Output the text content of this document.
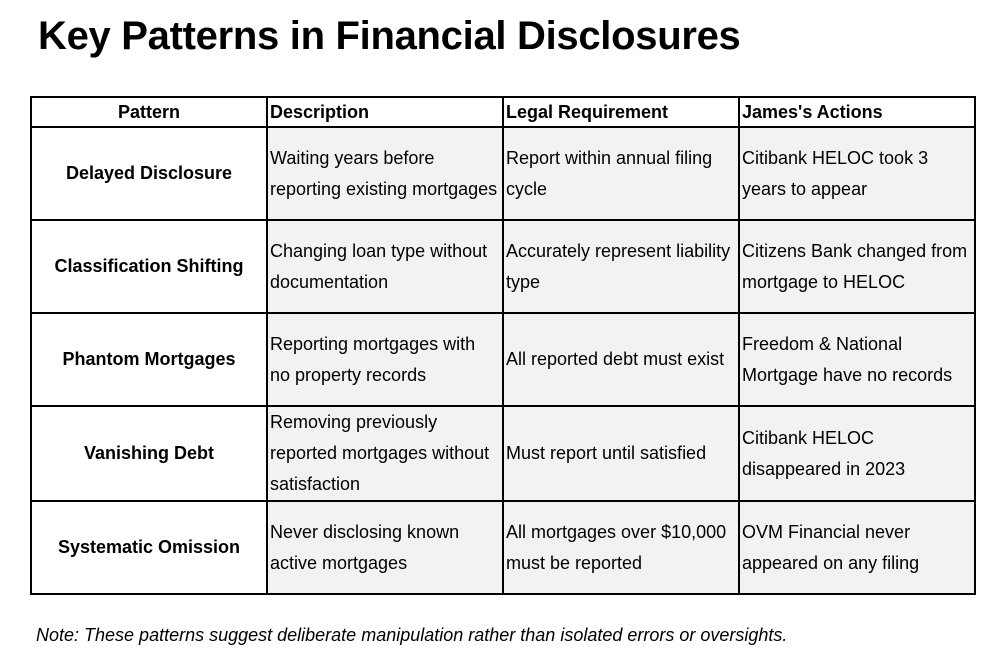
Key Patterns in Financial Disclosures
Pattern	Description	Legal Requirement	James's Actions
Delayed Disclosure	Waiting years before reporting existing mortgages	Report within annual filing cycle	Citibank HELOC took 3 years to appear
Classification Shifting	Changing loan type without documentation	Accurately represent liability type	Citizens Bank changed from mortgage to HELOC
Phantom Mortgages	Reporting mortgages with no property records	All reported debt must exist	Freedom & National Mortgage have no records
Vanishing Debt	Removing previously reported mortgages without satisfaction	Must report until satisfied	Citibank HELOC disappeared in 2023
Systematic Omission	Never disclosing known active mortgages	All mortgages over $10,000 must be reported	OVM Financial never appeared on any filing

Note: These patterns suggest deliberate manipulation rather than isolated errors or oversights.
